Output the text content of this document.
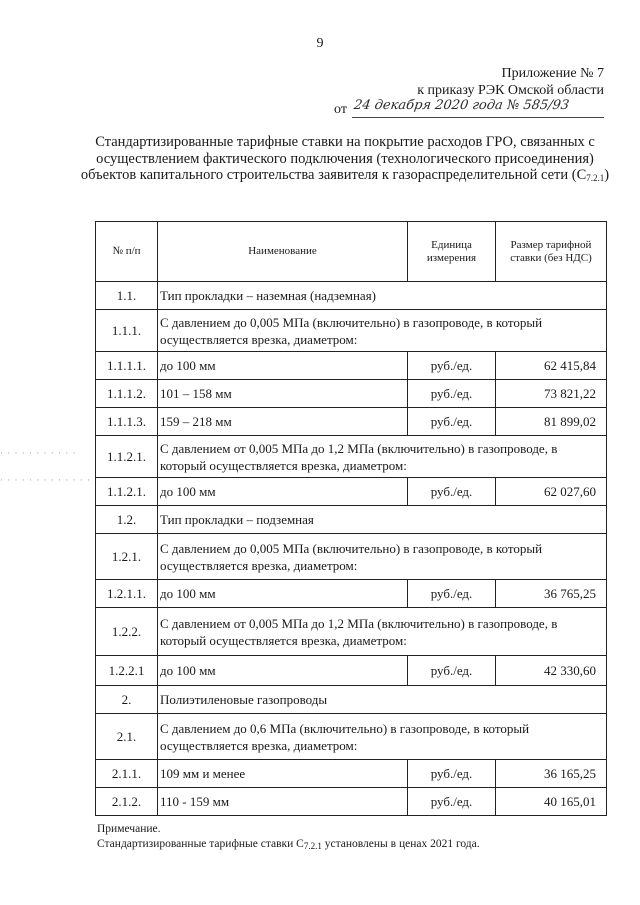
9
Приложение № 7
к приказу РЭК Омской области
от 24 декабря 2020 года № 585/93
Стандартизированные тарифные ставки на покрытие расходов ГРО, связанных с осуществлением фактического подключения (технологического присоединения) объектов капитального строительства заявителя к газораспределительной сети $(С_{7.2.1})$
· · · · · · · · · · ·
· · · · · · · · · · · · ·
№ п/п	Наименование	Единица измерения	Размер тарифной ставки (без НДС)
1.1.	Тип прокладки – наземная (надземная)		
1.1.1.	С давлением до 0,005 МПа (включительно) в газопроводе, в который осуществляется врезка, диаметром:		
1.1.1.1.	до 100 мм	руб./ед.	62 415,84
1.1.1.2.	101 – 158 мм	руб./ед.	73 821,22
1.1.1.3.	159 – 218 мм	руб./ед.	81 899,02
1.1.2.1.	С давлением от 0,005 МПа до 1,2 МПа (включительно) в газопроводе, в который осуществляется врезка, диаметром:		
1.1.2.1.	до 100 мм	руб./ед.	62 027,60
1.2.	Тип прокладки – подземная		
1.2.1.	С давлением до 0,005 МПа (включительно) в газопроводе, в который осуществляется врезка, диаметром:		
1.2.1.1.	до 100 мм	руб./ед.	36 765,25
1.2.2.	С давлением от 0,005 МПа до 1,2 МПа (включительно) в газопроводе, в который осуществляется врезка, диаметром:		
1.2.2.1	до 100 мм	руб./ед.	42 330,60
2.	Полиэтиленовые газопроводы		
2.1.	С давлением до 0,6 МПа (включительно) в газопроводе, в который осуществляется врезка, диаметром:		
2.1.1.	109 мм и менее	руб./ед.	36 165,25
2.1.2.	110 - 159 мм	руб./ед.	40 165,01
Примечание.
Стандартизированные тарифные ставки $С_{7.2.1}$ установлены в ценах 2021 года.
